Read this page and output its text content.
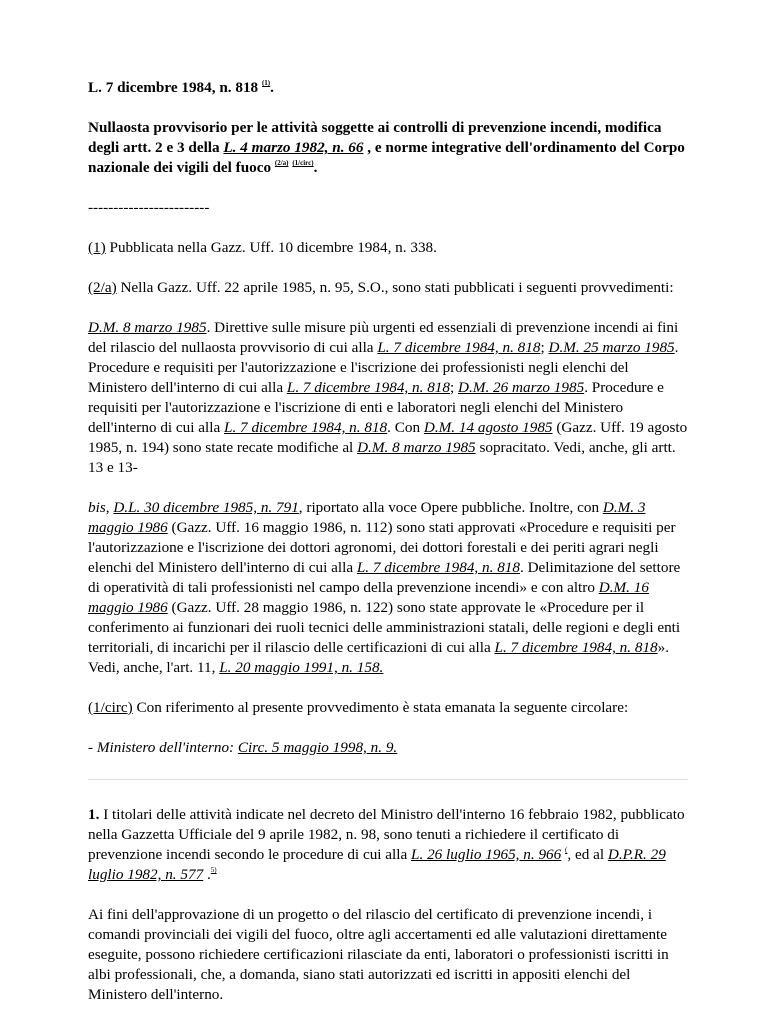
L. 7 dicembre 1984, n. 818 $^{(1)}$.

Nullaosta provvisorio per le attività soggette ai controlli di prevenzione incendi, modifica degli artt. 2 e 3 della L. 4 marzo 1982, n. 66 , e norme integrative dell'ordinamento del Corpo nazionale dei vigili del fuoco $^{(2/a)}$ $^{(1/circ)}$.

------------------------

(1) Pubblicata nella Gazz. Uff. 10 dicembre 1984, n. 338.

(2/a) Nella Gazz. Uff. 22 aprile 1985, n. 95, S.O., sono stati pubblicati i seguenti provvedimenti:

D.M. 8 marzo 1985. Direttive sulle misure più urgenti ed essenziali di prevenzione incendi ai fini del rilascio del nullaosta provvisorio di cui alla L. 7 dicembre 1984, n. 818; D.M. 25 marzo 1985. Procedure e requisiti per l'autorizzazione e l'iscrizione dei professionisti negli elenchi del Ministero dell'interno di cui alla L. 7 dicembre 1984, n. 818; D.M. 26 marzo 1985. Procedure e requisiti per l'autorizzazione e l'iscrizione di enti e laboratori negli elenchi del Ministero dell'interno di cui alla L. 7 dicembre 1984, n. 818. Con D.M. 14 agosto 1985 (Gazz. Uff. 19 agosto 1985, n. 194) sono state recate modifiche al D.M. 8 marzo 1985 sopracitato. Vedi, anche, gli artt. 13 e 13-

bis, D.L. 30 dicembre 1985, n. 791, riportato alla voce Opere pubbliche. Inoltre, con D.M. 3 maggio 1986 (Gazz. Uff. 16 maggio 1986, n. 112) sono stati approvati «Procedure e requisiti per l'autorizzazione e l'iscrizione dei dottori agronomi, dei dottori forestali e dei periti agrari negli elenchi del Ministero dell'interno di cui alla L. 7 dicembre 1984, n. 818. Delimitazione del settore di operatività di tali professionisti nel campo della prevenzione incendi» e con altro D.M. 16 maggio 1986 (Gazz. Uff. 28 maggio 1986, n. 122) sono state approvate le «Procedure per il conferimento ai funzionari dei ruoli tecnici delle amministrazioni statali, delle regioni e degli enti territoriali, di incarichi per il rilascio delle certificazioni di cui alla L. 7 dicembre 1984, n. 818». Vedi, anche, l'art. 11, L. 20 maggio 1991, n. 158.

(1/circ) Con riferimento al presente provvedimento è stata emanata la seguente circolare:

- Ministero dell'interno: Circ. 5 maggio 1998, n. 9.

1. I titolari delle attività indicate nel decreto del Ministro dell'interno 16 febbraio 1982, pubblicato nella Gazzetta Ufficiale del 9 aprile 1982, n. 98, sono tenuti a richiedere il certificato di prevenzione incendi secondo le procedure di cui alla L. 26 luglio 1965, n. 966 (, ed al D.P.R. 29 luglio 1982, n. 577 .$^{5)}$

Ai fini dell'approvazione di un progetto o del rilascio del certificato di prevenzione incendi, i comandi provinciali dei vigili del fuoco, oltre agli accertamenti ed alle valutazioni direttamente eseguite, possono richiedere certificazioni rilasciate da enti, laboratori o professionisti iscritti in albi professionali, che, a domanda, siano stati autorizzati ed iscritti in appositi elenchi del Ministero dell'interno.
